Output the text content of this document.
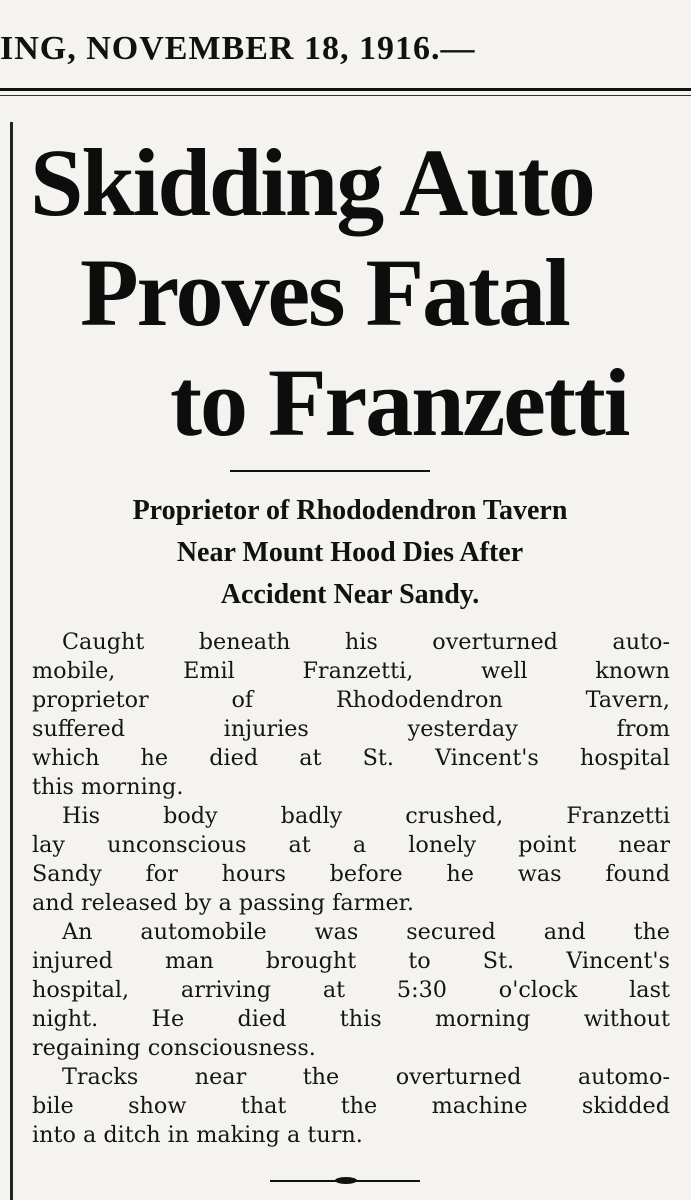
ING, NOVEMBER 18, 1916.—
Skidding Auto
Proves Fatal
to Franzetti
Proprietor of Rhododendron Tavern
Near Mount Hood Dies After
Accident Near Sandy.

Caught beneath his overturned auto-
mobile, Emil Franzetti, well known
proprietor of Rhododendron Tavern,
suffered injuries yesterday from
which he died at St. Vincent's hospital
this morning.

His body badly crushed, Franzetti
lay unconscious at a lonely point near
Sandy for hours before he was found
and released by a passing farmer.

An automobile was secured and the
injured man brought to St. Vincent's
hospital, arriving at 5:30 o'clock last
night. He died this morning without
regaining consciousness.

Tracks near the overturned automo-
bile show that the machine skidded
into a ditch in making a turn.
